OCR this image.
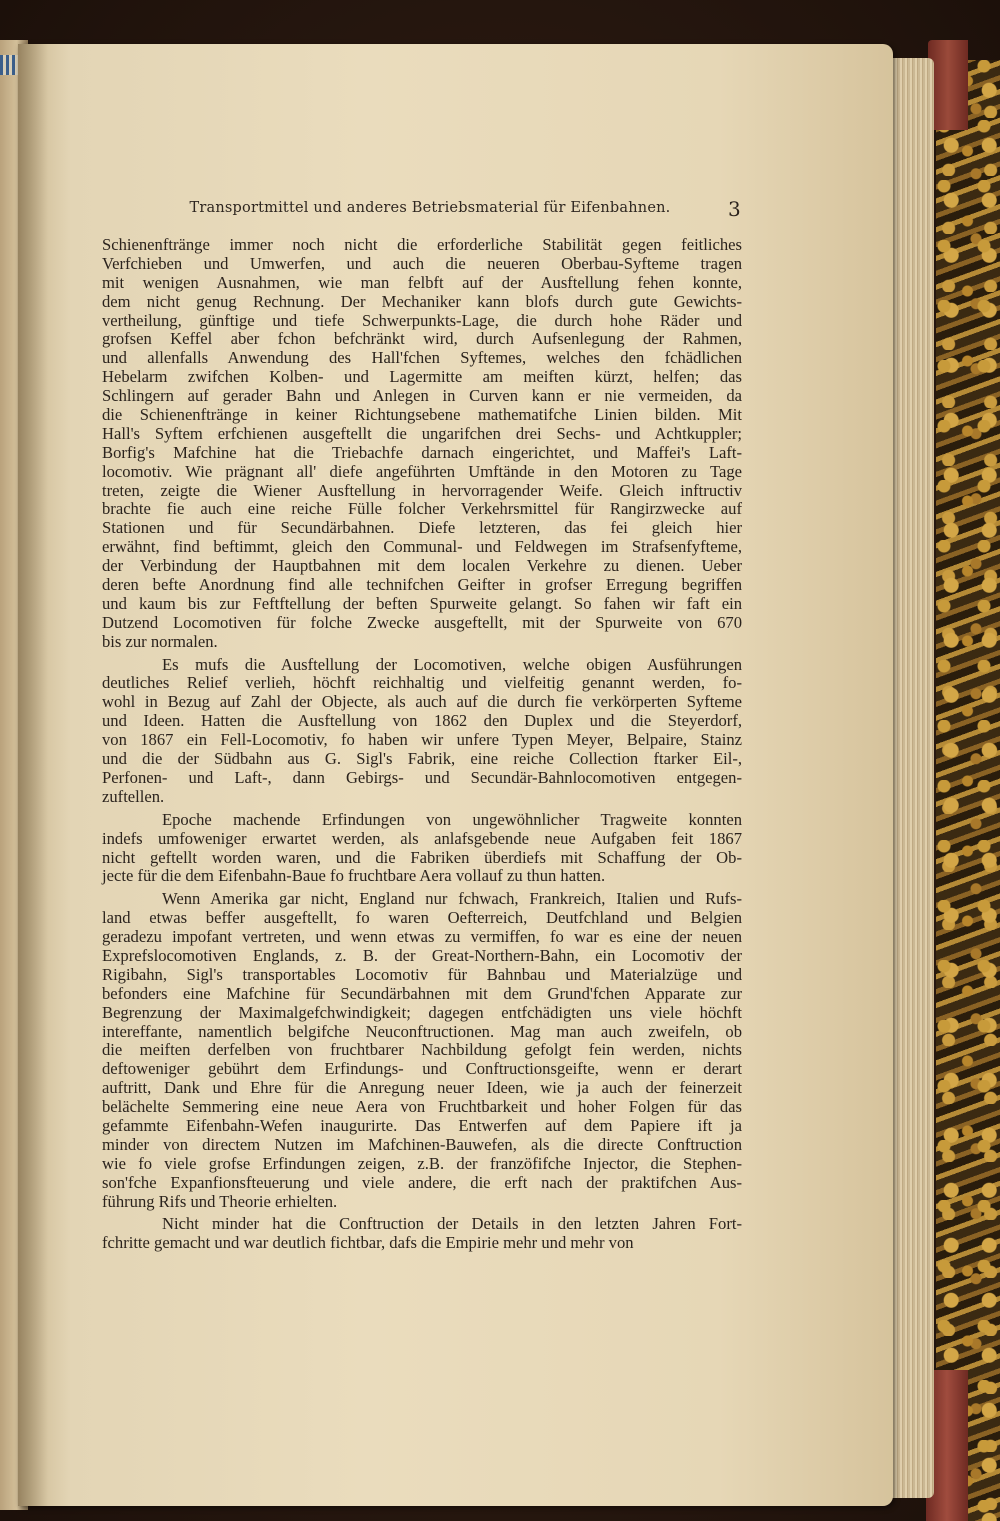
Transportmittel und anderes Betriebsmaterial für Eifenbahnen.	3
Schienenftränge immer noch nicht die erforderliche Stabilität gegen feitliches
Verfchieben und Umwerfen, und auch die neueren Oberbau-Syfteme tragen
mit wenigen Ausnahmen, wie man felbft auf der Ausftellung fehen konnte,
dem nicht genug Rechnung. Der Mechaniker kann blofs durch gute Gewichts-
vertheilung, günftige und tiefe Schwerpunkts-Lage, die durch hohe Räder und
grofsen Keffel aber fchon befchränkt wird, durch Aufsenlegung der Rahmen,
und allenfalls Anwendung des Hall'fchen Syftemes, welches den fchädlichen
Hebelarm zwifchen Kolben- und Lagermitte am meiften kürzt, helfen; das
Schlingern auf gerader Bahn und Anlegen in Curven kann er nie vermeiden, da
die Schienenftränge in keiner Richtungsebene mathematifche Linien bilden. Mit
Hall's Syftem erfchienen ausgeftellt die ungarifchen drei Sechs- und Achtkuppler;
Borfig's Mafchine hat die Triebachfe darnach eingerichtet, und Maffei's Laft-
locomotiv. Wie prägnant all' diefe angeführten Umftände in den Motoren zu Tage
treten, zeigte die Wiener Ausftellung in hervorragender Weife. Gleich inftructiv
brachte fie auch eine reiche Fülle folcher Verkehrsmittel für Rangirzwecke auf
Stationen und für Secundärbahnen. Diefe letzteren, das fei gleich hier
erwähnt, find beftimmt, gleich den Communal- und Feldwegen im Strafsenfyfteme,
der Verbindung der Hauptbahnen mit dem localen Verkehre zu dienen. Ueber
deren befte Anordnung find alle technifchen Geifter in grofser Erregung begriffen
und kaum bis zur Feftftellung der beften Spurweite gelangt. So fahen wir faft ein
Dutzend Locomotiven für folche Zwecke ausgeftellt, mit der Spurweite von 670
bis zur normalen.
Es mufs die Ausftellung der Locomotiven, welche obigen Ausführungen
deutliches Relief verlieh, höchft reichhaltig und vielfeitig genannt werden, fo-
wohl in Bezug auf Zahl der Objecte, als auch auf die durch fie verkörperten Syfteme
und Ideen. Hatten die Ausftellung von 1862 den Duplex und die Steyerdorf,
von 1867 ein Fell-Locomotiv, fo haben wir unfere Typen Meyer, Belpaire, Stainz
und die der Südbahn aus G. Sigl's Fabrik, eine reiche Collection ftarker Eil-,
Perfonen- und Laft-, dann Gebirgs- und Secundär-Bahnlocomotiven entgegen-
zuftellen.
Epoche machende Erfindungen von ungewöhnlicher Tragweite konnten
indefs umfoweniger erwartet werden, als anlafsgebende neue Aufgaben feit 1867
nicht geftellt worden waren, und die Fabriken überdiefs mit Schaffung der Ob-
jecte für die dem Eifenbahn-Baue fo fruchtbare Aera vollauf zu thun hatten.
Wenn Amerika gar nicht, England nur fchwach, Frankreich, Italien und Rufs-
land etwas beffer ausgeftellt, fo waren Oefterreich, Deutfchland und Belgien
geradezu impofant vertreten, und wenn etwas zu vermiffen, fo war es eine der neuen
Exprefslocomotiven Englands, z. B. der Great-Northern-Bahn, ein Locomotiv der
Rigibahn, Sigl's transportables Locomotiv für Bahnbau und Materialzüge und
befonders eine Mafchine für Secundärbahnen mit dem Grund'fchen Apparate zur
Begrenzung der Maximalgefchwindigkeit; dagegen entfchädigten uns viele höchft
intereffante, namentlich belgifche Neuconftructionen. Mag man auch zweifeln, ob
die meiften derfelben von fruchtbarer Nachbildung gefolgt fein werden, nichts
deftoweniger gebührt dem Erfindungs- und Conftructionsgeifte, wenn er derart
auftritt, Dank und Ehre für die Anregung neuer Ideen, wie ja auch der feinerzeit
belächelte Semmering eine neue Aera von Fruchtbarkeit und hoher Folgen für das
gefammte Eifenbahn-Wefen inaugurirte. Das Entwerfen auf dem Papiere ift ja
minder von directem Nutzen im Mafchinen-Bauwefen, als die directe Conftruction
wie fo viele grofse Erfindungen zeigen, z.B. der franzöfifche Injector, die Stephen-
son'fche Expanfionsfteuerung und viele andere, die erft nach der praktifchen Aus-
führung Rifs und Theorie erhielten.
Nicht minder hat die Conftruction der Details in den letzten Jahren Fort-
fchritte gemacht und war deutlich fichtbar, dafs die Empirie mehr und mehr von
